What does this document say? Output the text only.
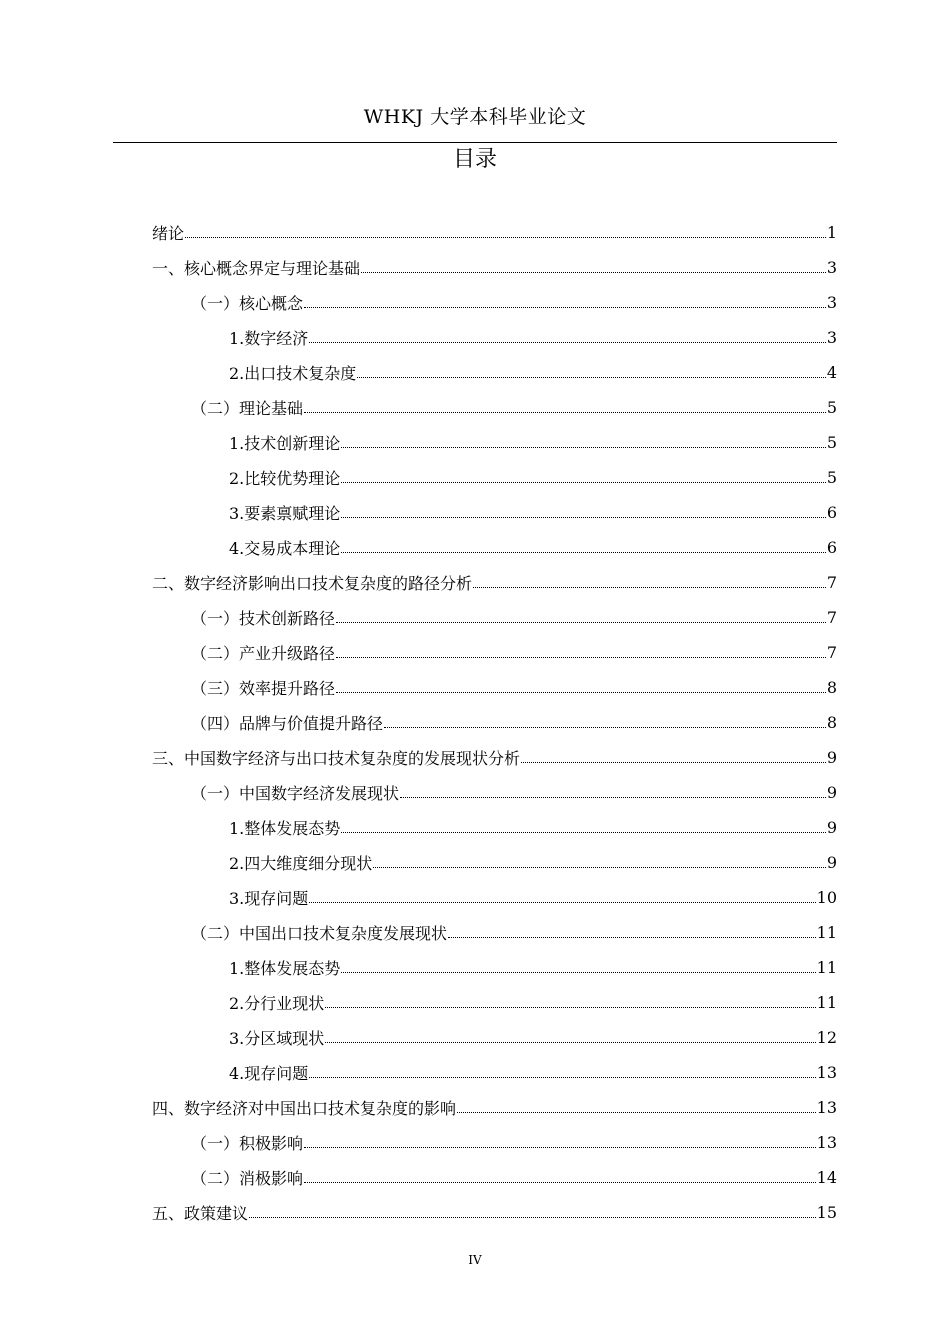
WHKJ 大学本科毕业论文
目录
绪论	1
一、核心概念界定与理论基础	3
（一）核心概念	3
1.数字经济	3
2.出口技术复杂度	4
（二）理论基础	5
1.技术创新理论	5
2.比较优势理论	5
3.要素禀赋理论	6
4.交易成本理论	6
二、数字经济影响出口技术复杂度的路径分析	7
（一）技术创新路径	7
（二）产业升级路径	7
（三）效率提升路径	8
（四）品牌与价值提升路径	8
三、中国数字经济与出口技术复杂度的发展现状分析	9
（一）中国数字经济发展现状	9
1.整体发展态势	9
2.四大维度细分现状	9
3.现存问题	10
（二）中国出口技术复杂度发展现状	11
1.整体发展态势	11
2.分行业现状	11
3.分区域现状	12
4.现存问题	13
四、数字经济对中国出口技术复杂度的影响	13
（一）积极影响	13
（二）消极影响	14
五、政策建议	15
IV
